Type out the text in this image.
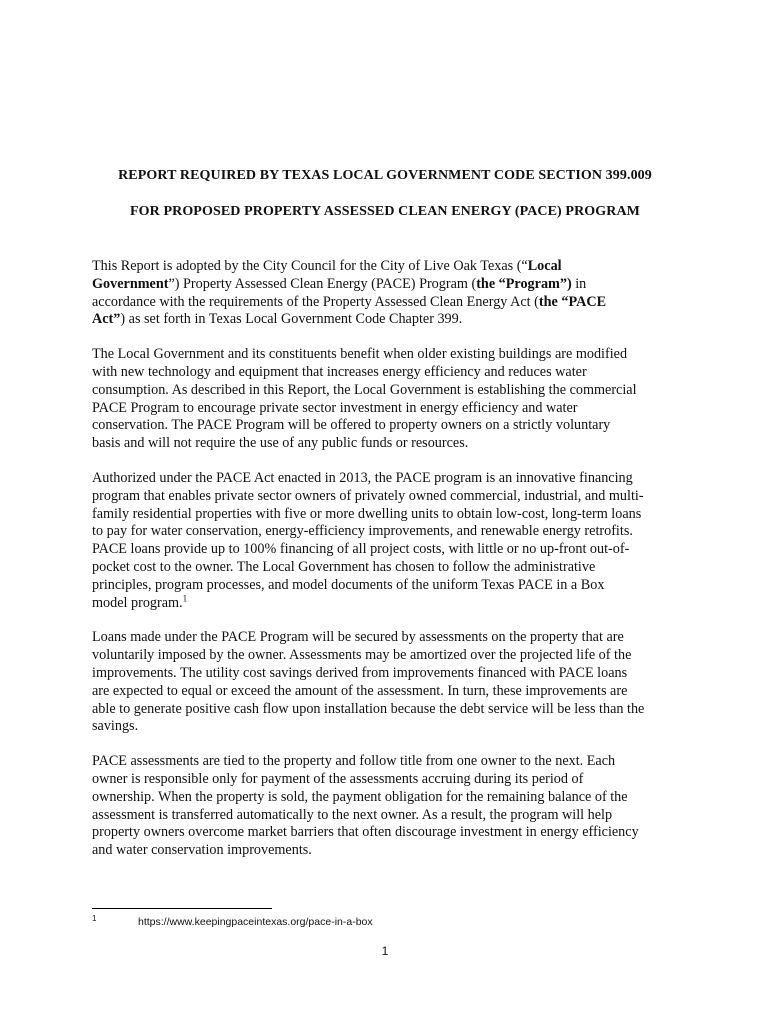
REPORT REQUIRED BY TEXAS LOCAL GOVERNMENT CODE SECTION 399.009
FOR PROPOSED PROPERTY ASSESSED CLEAN ENERGY (PACE) PROGRAM

This Report is adopted by the City Council for the City of Live Oak Texas (“Local
Government”) Property Assessed Clean Energy (PACE) Program (the “Program”) in
accordance with the requirements of the Property Assessed Clean Energy Act (the “PACE
Act”) as set forth in Texas Local Government Code Chapter 399.

The Local Government and its constituents benefit when older existing buildings are modified
with new technology and equipment that increases energy efficiency and reduces water
consumption. As described in this Report, the Local Government is establishing the commercial
PACE Program to encourage private sector investment in energy efficiency and water
conservation. The PACE Program will be offered to property owners on a strictly voluntary
basis and will not require the use of any public funds or resources.

Authorized under the PACE Act enacted in 2013, the PACE program is an innovative financing
program that enables private sector owners of privately owned commercial, industrial, and multi-
family residential properties with five or more dwelling units to obtain low-cost, long-term loans
to pay for water conservation, energy-efficiency improvements, and renewable energy retrofits.
PACE loans provide up to 100% financing of all project costs, with little or no up-front out-of-
pocket cost to the owner. The Local Government has chosen to follow the administrative
principles, program processes, and model documents of the uniform Texas PACE in a Box
model program.$^1$

Loans made under the PACE Program will be secured by assessments on the property that are
voluntarily imposed by the owner. Assessments may be amortized over the projected life of the
improvements. The utility cost savings derived from improvements financed with PACE loans
are expected to equal or exceed the amount of the assessment. In turn, these improvements are
able to generate positive cash flow upon installation because the debt service will be less than the
savings.

PACE assessments are tied to the property and follow title from one owner to the next. Each
owner is responsible only for payment of the assessments accruing during its period of
ownership. When the property is sold, the payment obligation for the remaining balance of the
assessment is transferred automatically to the next owner. As a result, the program will help
property owners overcome market barriers that often discourage investment in energy efficiency
and water conservation improvements.

1	https://www.keepingpaceintexas.org/pace-in-a-box
1
